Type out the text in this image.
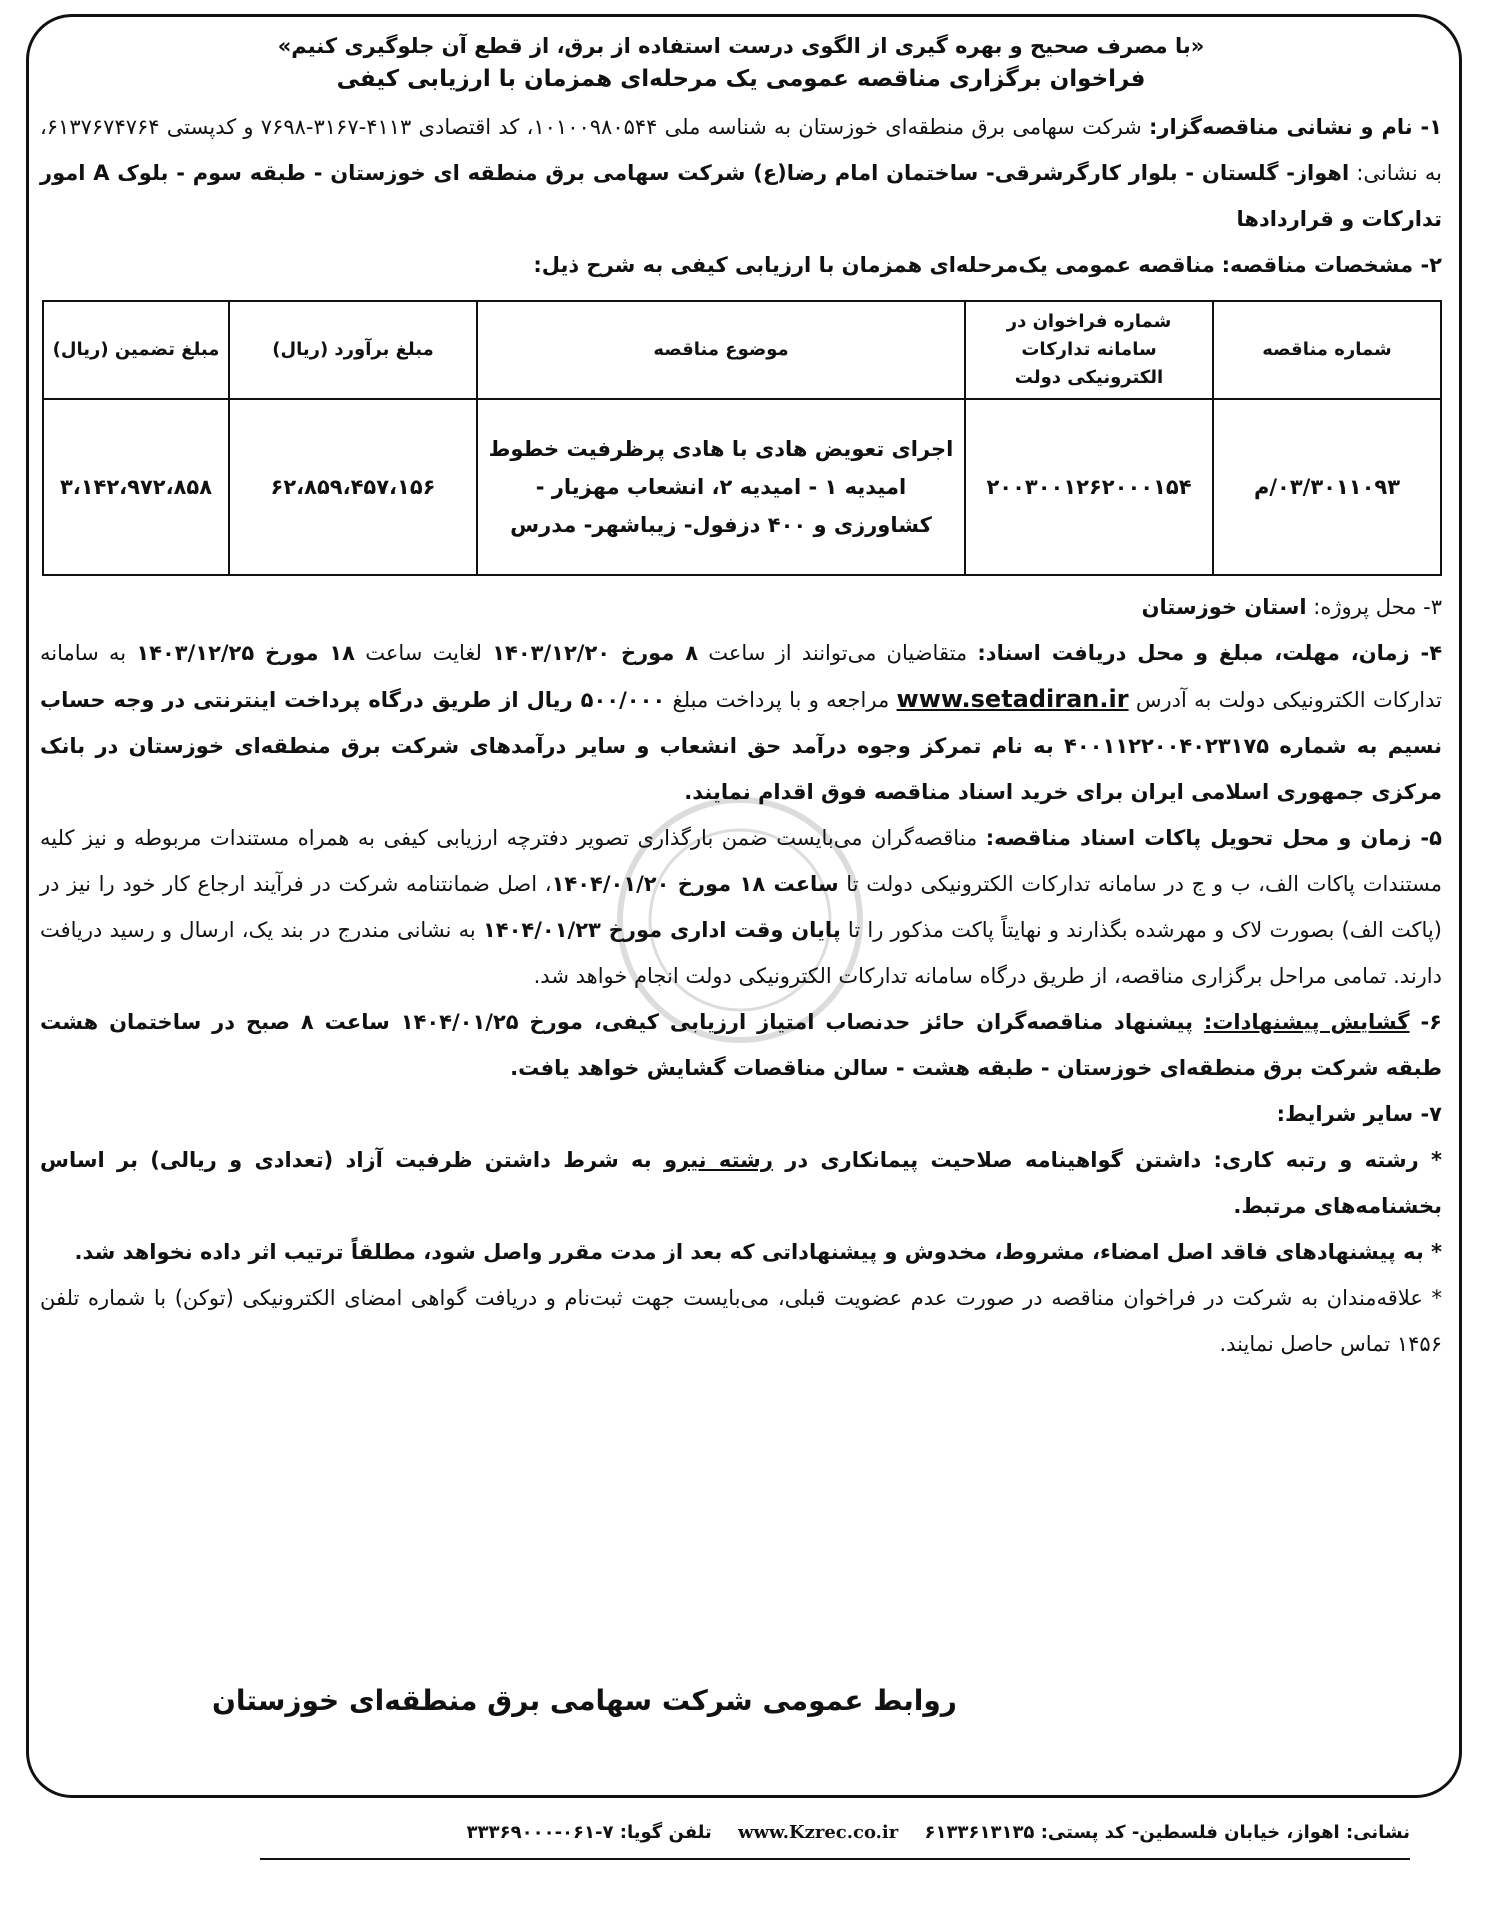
«با مصرف صحیح و بهره گیری از الگوی درست استفاده از برق، از قطع آن جلوگیری کنیم»
فراخوان برگزاری مناقصه عمومی یک مرحله‌ای همزمان با ارزیابی کیفی

۱- نام و نشانی مناقصه‌گزار: شرکت سهامی برق منطقه‌ای خوزستان به شناسه ملی ۱۰۱۰۰۹۸۰۵۴۴، کد اقتصادی ۴۱۱۳-۳۱۶۷-۷۶۹۸ و کدپستی ۶۱۳۷۶۷۴۷۶۴، به نشانی: اهواز- گلستان - بلوار کارگرشرقی- ساختمان امام رضا(ع) شرکت سهامی برق منطقه ای خوزستان - طبقه سوم - بلوک A امور تدارکات و قراردادها

۲- مشخصات مناقصه: مناقصه عمومی یک‌مرحله‌ای همزمان با ارزیابی کیفی به شرح ذیل:

شماره مناقصه	شماره فراخوان در سامانه تدارکات الکترونیکی دولت	موضوع مناقصه	مبلغ برآورد (ریال)	مبلغ تضمین (ریال)
۰۳/۳۰۱۱۰۹۳/م	۲۰۰۳۰۰۱۲۶۲۰۰۰۱۵۴	اجرای تعویض هادی با هادی پرظرفیت خطوط امیدیه ۱ - امیدیه ۲، انشعاب مهزیار - کشاورزی و ۴۰۰ دزفول- زیباشهر- مدرس	۶۲،۸۵۹،۴۵۷،۱۵۶	۳،۱۴۲،۹۷۲،۸۵۸

۳- محل پروژه: استان خوزستان

۴- زمان، مهلت، مبلغ و محل دریافت اسناد: متقاضیان می‌توانند از ساعت ۸ مورخ ۱۴۰۳/۱۲/۲۰ لغایت ساعت ۱۸ مورخ ۱۴۰۳/۱۲/۲۵ به سامانه تدارکات الکترونیکی دولت به آدرس www.setadiran.ir مراجعه و با پرداخت مبلغ ۵۰۰/۰۰۰ ریال از طریق درگاه پرداخت اینترنتی در وجه حساب نسیم به شماره ۴۰۰۱۱۲۲۰۰۴۰۲۳۱۷۵ به نام تمرکز وجوه درآمد حق انشعاب و سایر درآمدهای شرکت برق منطقه‌ای خوزستان در بانک مرکزی جمهوری اسلامی ایران برای خرید اسناد مناقصه فوق اقدام نمایند.

۵- زمان و محل تحویل پاکات اسناد مناقصه: مناقصه‌گران می‌بایست ضمن بارگذاری تصویر دفترچه ارزیابی کیفی به همراه مستندات مربوطه و نیز کلیه مستندات پاکات الف، ب و ج در سامانه تدارکات الکترونیکی دولت تا ساعت ۱۸ مورخ ۱۴۰۴/۰۱/۲۰، اصل ضمانتنامه شرکت در فرآیند ارجاع کار خود را نیز در (پاکت الف) بصورت لاک و مهرشده بگذارند و نهایتاً پاکت مذکور را تا پایان وقت اداری مورخ ۱۴۰۴/۰۱/۲۳ به نشانی مندرج در بند یک، ارسال و رسید دریافت دارند. تمامی مراحل برگزاری مناقصه، از طریق درگاه سامانه تدارکات الکترونیکی دولت انجام خواهد شد.

۶- گشایش پیشنهادات: پیشنهاد مناقصه‌گران حائز حدنصاب امتیاز ارزیابی کیفی، مورخ ۱۴۰۴/۰۱/۲۵ ساعت ۸ صبح در ساختمان هشت طبقه شرکت برق منطقه‌ای خوزستان - طبقه هشت - سالن مناقصات گشایش خواهد یافت.

۷- سایر شرایط:

* رشته و رتبه کاری: داشتن گواهینامه صلاحیت پیمانکاری در رشته نیرو به شرط داشتن ظرفیت آزاد (تعدادی و ریالی) بر اساس بخشنامه‌های مرتبط.

* به پیشنهادهای فاقد اصل امضاء، مشروط، مخدوش و پیشنهاداتی که بعد از مدت مقرر واصل شود، مطلقاً ترتیب اثر داده نخواهد شد.

* علاقه‌مندان به شرکت در فراخوان مناقصه در صورت عدم عضویت قبلی، می‌بایست جهت ثبت‌نام و دریافت گواهی امضای الکترونیکی (توکن) با شماره تلفن ۱۴۵۶ تماس حاصل نمایند.

روابط عمومی شرکت سهامی برق منطقه‌ای خوزستان
نشانی: اهواز، خیابان فلسطین- کد پستی: ۶۱۳۳۶۱۳۱۳۵ www.Kzrec.co.ir تلفن گویا: ۷-۰۶۱-۳۳۳۶۹۰۰۰
